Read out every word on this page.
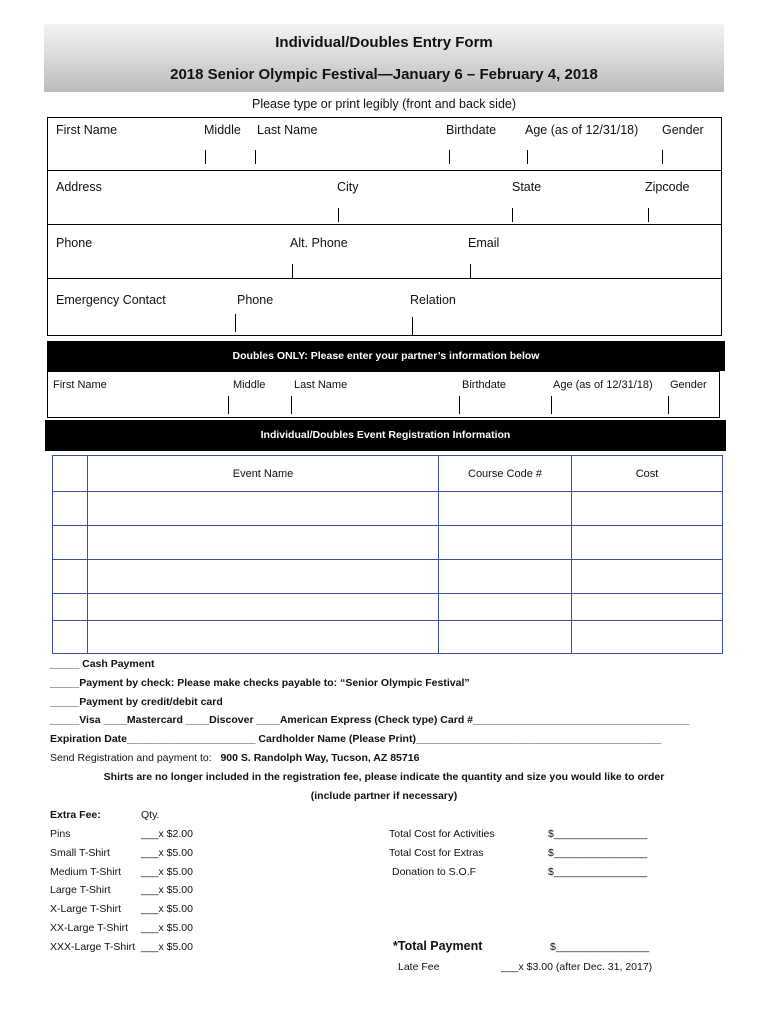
Individual/Doubles Entry Form
2018 Senior Olympic Festival—January 6 – February 4, 2018
Please type or print legibly (front and back side)
First Name	Middle Last Name	Birthdate Age (as of 12/31/18) Gender
Address	City	State	Zipcode
Phone	Alt. Phone	Email
Emergency Contact	Phone	Relation
Doubles ONLY: Please enter your partner’s information below
First Name	Middle	Last Name	Birthdate	Age (as of 12/31/18) Gender
Individual/Doubles Event Registration Information
	Event Name	Course Code #	Cost

_____ Cash Payment
_____Payment by check: Please make checks payable to: “Senior Olympic Festival”
_____Payment by credit/debit card
_____Visa ____Mastercard ____Discover ____American Express (Check type) Card #_____________________________________
Expiration Date______________________ Cardholder Name (Please Print)__________________________________________
Send Registration and payment to: 900 S. Randolph Way, Tucson, AZ 85716
Shirts are no longer included in the registration fee, please indicate the quantity and size you would like to order
(include partner if necessary)
Extra Fee:	Qty.
Pins	___x $2.00
Small T-Shirt	___x $5.00
Medium T-Shirt ___x $5.00
Large T-Shirt	___x $5.00
X-Large T-Shirt ___x $5.00
XX-Large T-Shirt ___x $5.00
XXX-Large T-Shirt ___x $5.00
Total Cost for Activities	$________________
Total Cost for Extras	$________________
Donation to S.O.F	$________________
*Total Payment	$________________
Late Fee	___x $3.00 (after Dec. 31, 2017)
